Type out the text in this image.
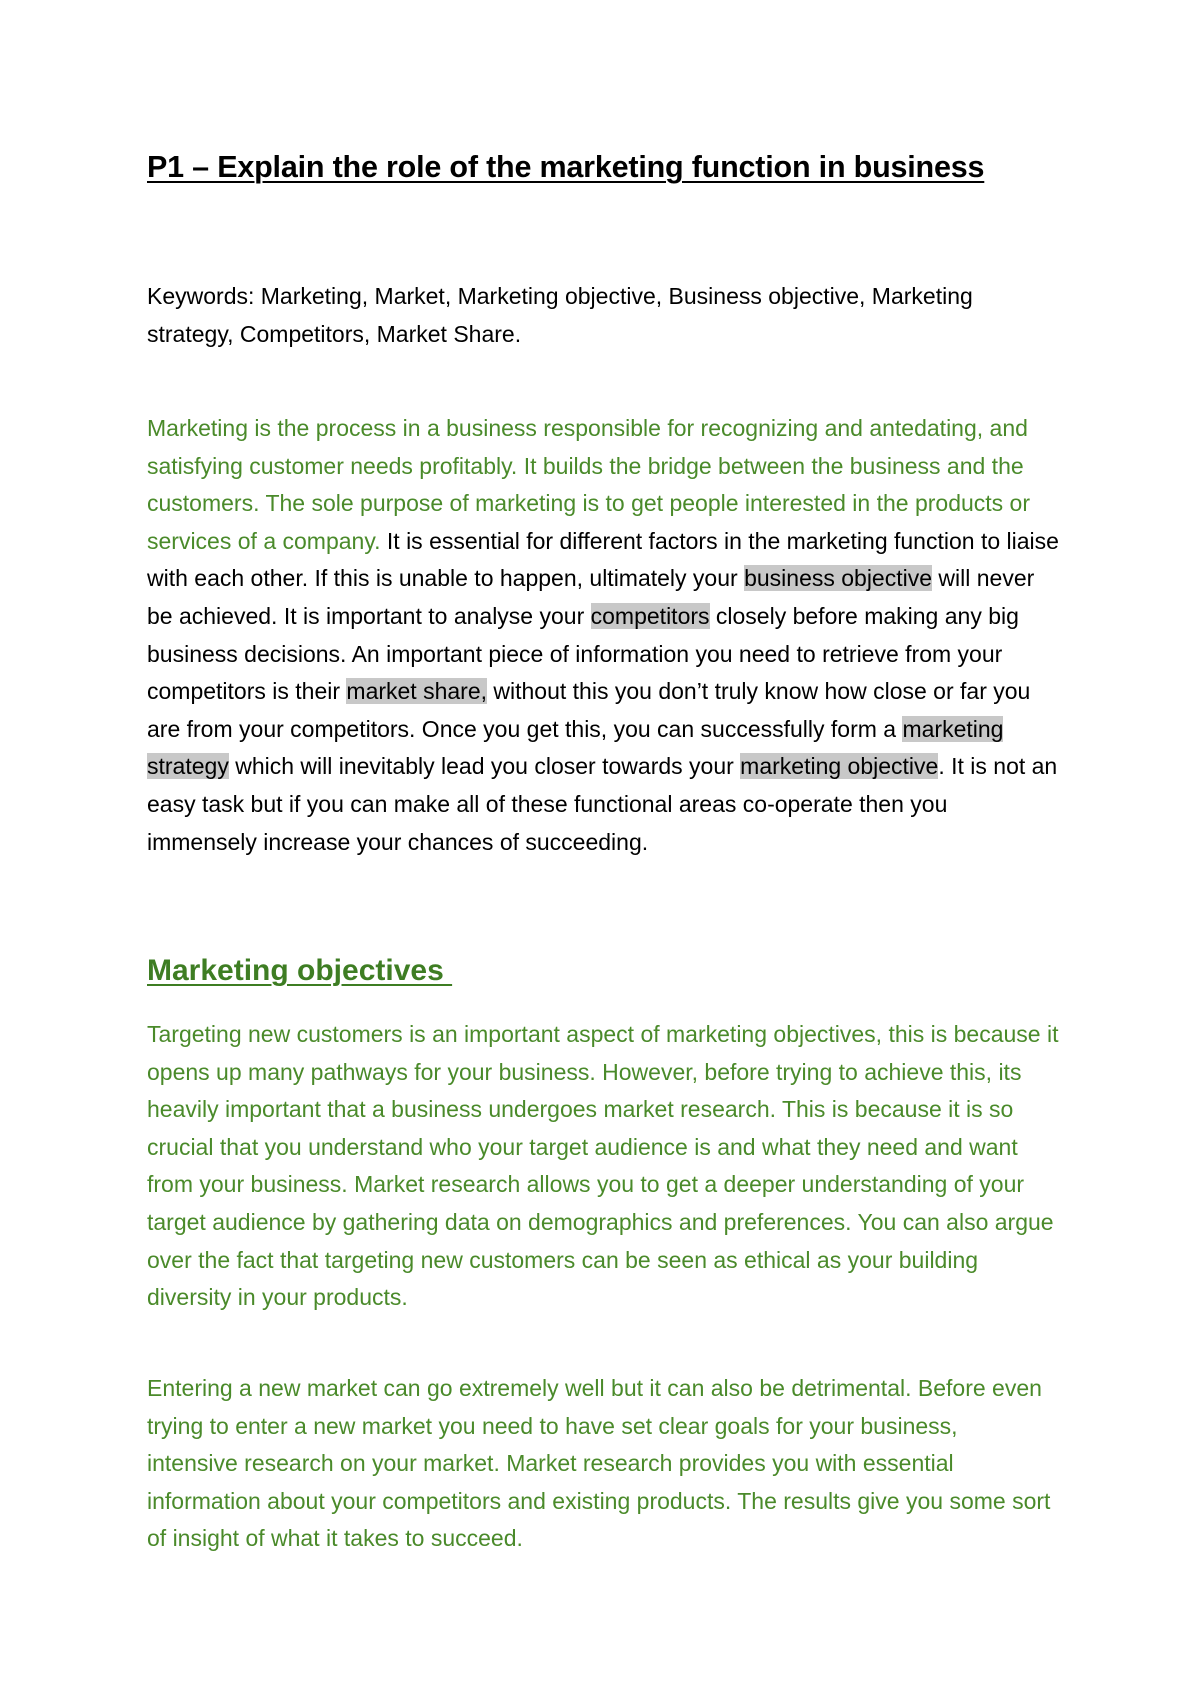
P1 – Explain the role of the marketing function in business

Keywords: Marketing, Market, Marketing objective, Business objective, Marketing strategy, Competitors, Market Share.

Marketing is the process in a business responsible for recognizing and antedating, and satisfying customer needs profitably. It builds the bridge between the business and the customers. The sole purpose of marketing is to get people interested in the products or services of a company. It is essential for different factors in the marketing function to liaise with each other. If this is unable to happen, ultimately your business objective will never be achieved. It is important to analyse your competitors closely before making any big business decisions. An important piece of information you need to retrieve from your competitors is their market share, without this you don’t truly know how close or far you are from your competitors. Once you get this, you can successfully form a marketing strategy which will inevitably lead you closer towards your marketing objective. It is not an easy task but if you can make all of these functional areas co-operate then you immensely increase your chances of succeeding.

Marketing objectives

Targeting new customers is an important aspect of marketing objectives, this is because it opens up many pathways for your business. However, before trying to achieve this, its heavily important that a business undergoes market research. This is because it is so crucial that you understand who your target audience is and what they need and want from your business. Market research allows you to get a deeper understanding of your target audience by gathering data on demographics and preferences. You can also argue over the fact that targeting new customers can be seen as ethical as your building diversity in your products.

Entering a new market can go extremely well but it can also be detrimental. Before even trying to enter a new market you need to have set clear goals for your business, intensive research on your market. Market research provides you with essential information about your competitors and existing products. The results give you some sort of insight of what it takes to succeed.
